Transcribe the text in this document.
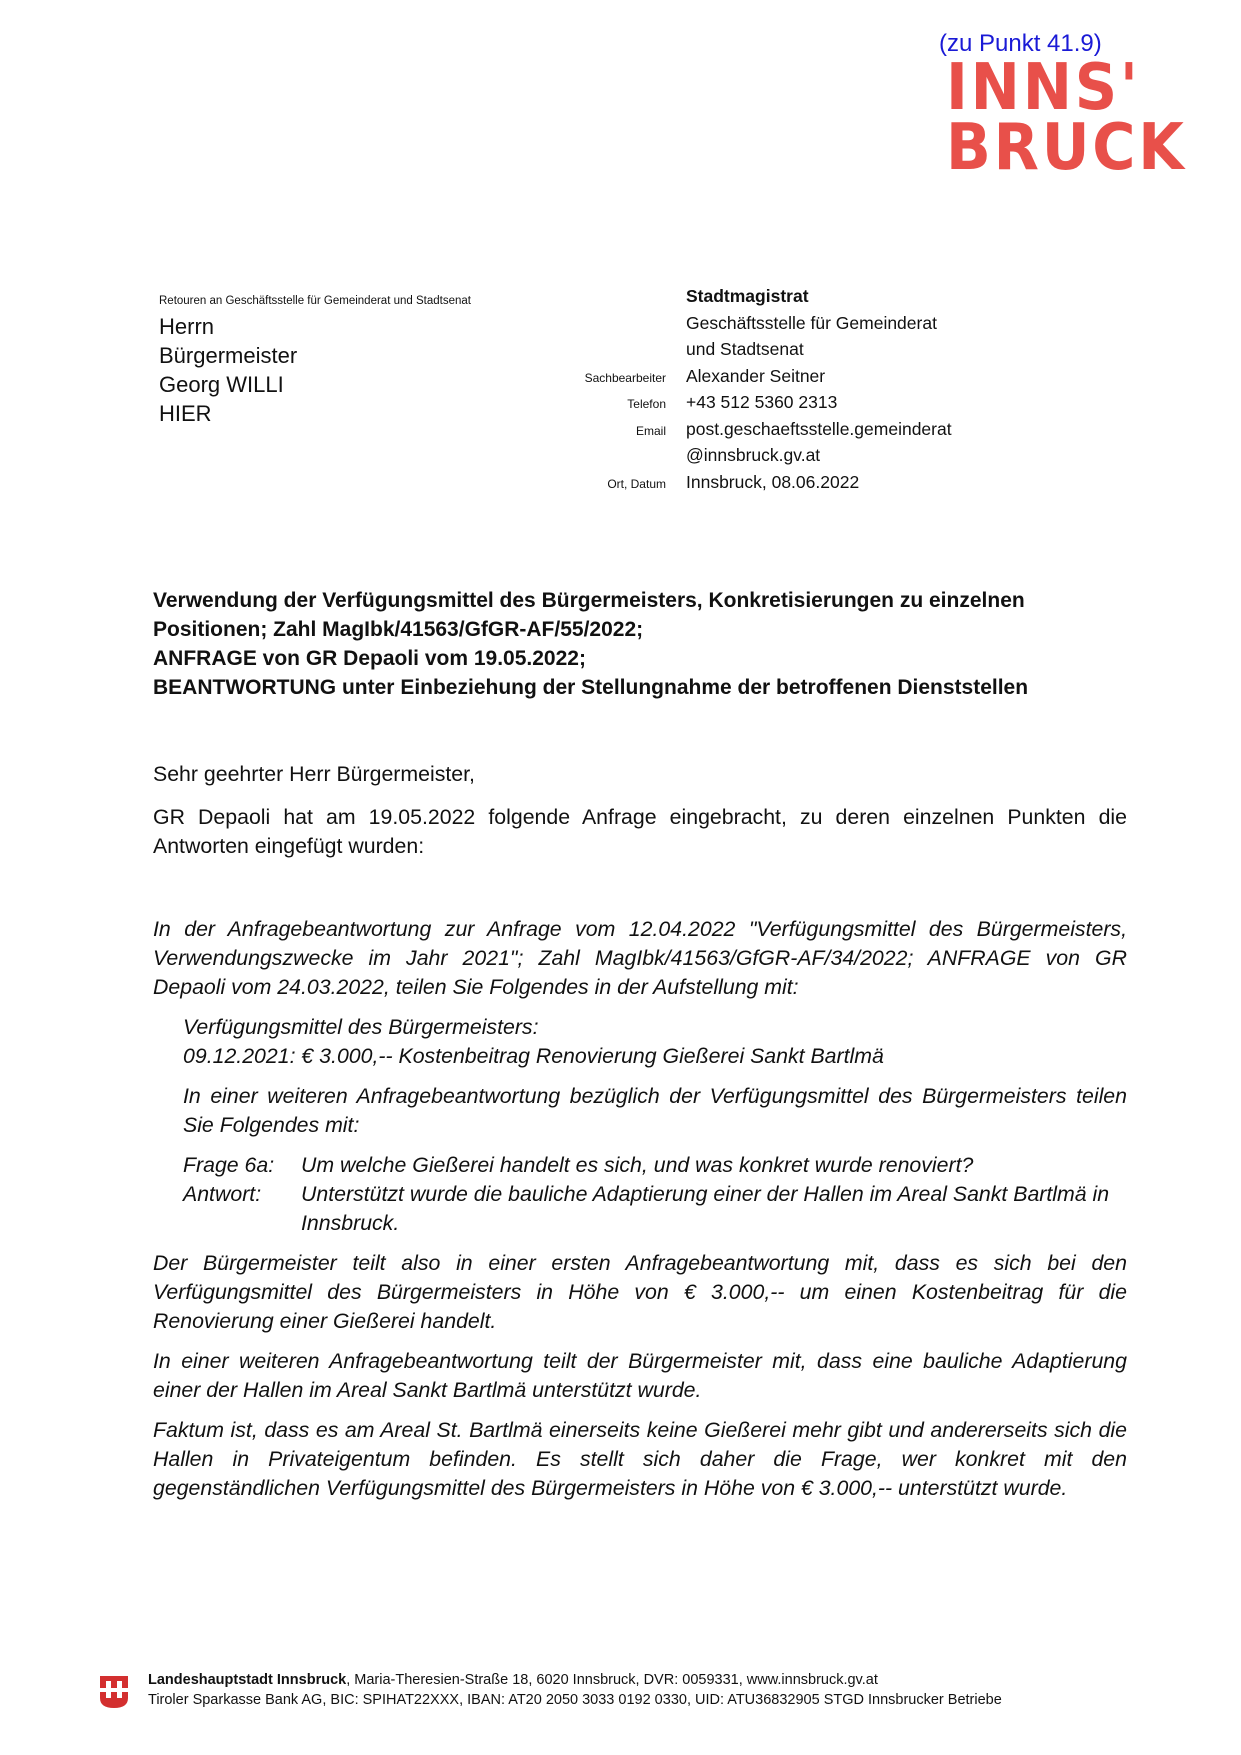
(zu Punkt 41.9)
INNS'
BRUCK
Retouren an Geschäftsstelle für Gemeinderat und Stadtsenat
Herrn
Bürgermeister
Georg WILLI
HIER
Stadtmagistrat
Geschäftsstelle für Gemeinderat
und Stadtsenat
Sachbearbeiter	Alexander Seitner
Telefon	+43 512 5360 2313
Email	post.geschaeftsstelle.gemeinderat
@innsbruck.gv.at
Ort, Datum	Innsbruck, 08.06.2022
Verwendung der Verfügungsmittel des Bürgermeisters, Konkretisierungen zu einzelnen Positionen; Zahl MagIbk/41563/GfGR-AF/55/2022;
ANFRAGE von GR Depaoli vom 19.05.2022;
BEANTWORTUNG unter Einbeziehung der Stellungnahme der betroffenen Dienststellen
Sehr geehrter Herr Bürgermeister,
GR Depaoli hat am 19.05.2022 folgende Anfrage eingebracht, zu deren einzelnen Punkten die Antworten eingefügt wurden:

In der Anfragebeantwortung zur Anfrage vom 12.04.2022 "Verfügungsmittel des Bürgermeisters, Verwendungszwecke im Jahr 2021"; Zahl MagIbk/41563/GfGR-AF/34/2022; ANFRAGE von GR Depaoli vom 24.03.2022, teilen Sie Folgendes in der Aufstellung mit:

Verfügungsmittel des Bürgermeisters:

09.12.2021: € 3.000,-- Kostenbeitrag Renovierung Gießerei Sankt Bartlmä

In einer weiteren Anfragebeantwortung bezüglich der Verfügungsmittel des Bürgermeisters teilen Sie Folgendes mit:

Frage 6a:	Um welche Gießerei handelt es sich, und was konkret wurde renoviert?
Antwort:	Unterstützt wurde die bauliche Adaptierung einer der Hallen im Areal Sankt Bartlmä in Innsbruck.

Der Bürgermeister teilt also in einer ersten Anfragebeantwortung mit, dass es sich bei den Verfügungsmittel des Bürgermeisters in Höhe von € 3.000,-- um einen Kostenbeitrag für die Renovierung einer Gießerei handelt.

In einer weiteren Anfragebeantwortung teilt der Bürgermeister mit, dass eine bauliche Adaptierung einer der Hallen im Areal Sankt Bartlmä unterstützt wurde.

Faktum ist, dass es am Areal St. Bartlmä einerseits keine Gießerei mehr gibt und andererseits sich die Hallen in Privateigentum befinden. Es stellt sich daher die Frage, wer konkret mit den gegenständlichen Verfügungsmittel des Bürgermeisters in Höhe von € 3.000,-- unterstützt wurde.

Landeshauptstadt Innsbruck, Maria-Theresien-Straße 18, 6020 Innsbruck, DVR: 0059331, www.innsbruck.gv.at
Tiroler Sparkasse Bank AG, BIC: SPIHAT22XXX, IBAN: AT20 2050 3033 0192 0330, UID: ATU36832905 STGD Innsbrucker Betriebe
